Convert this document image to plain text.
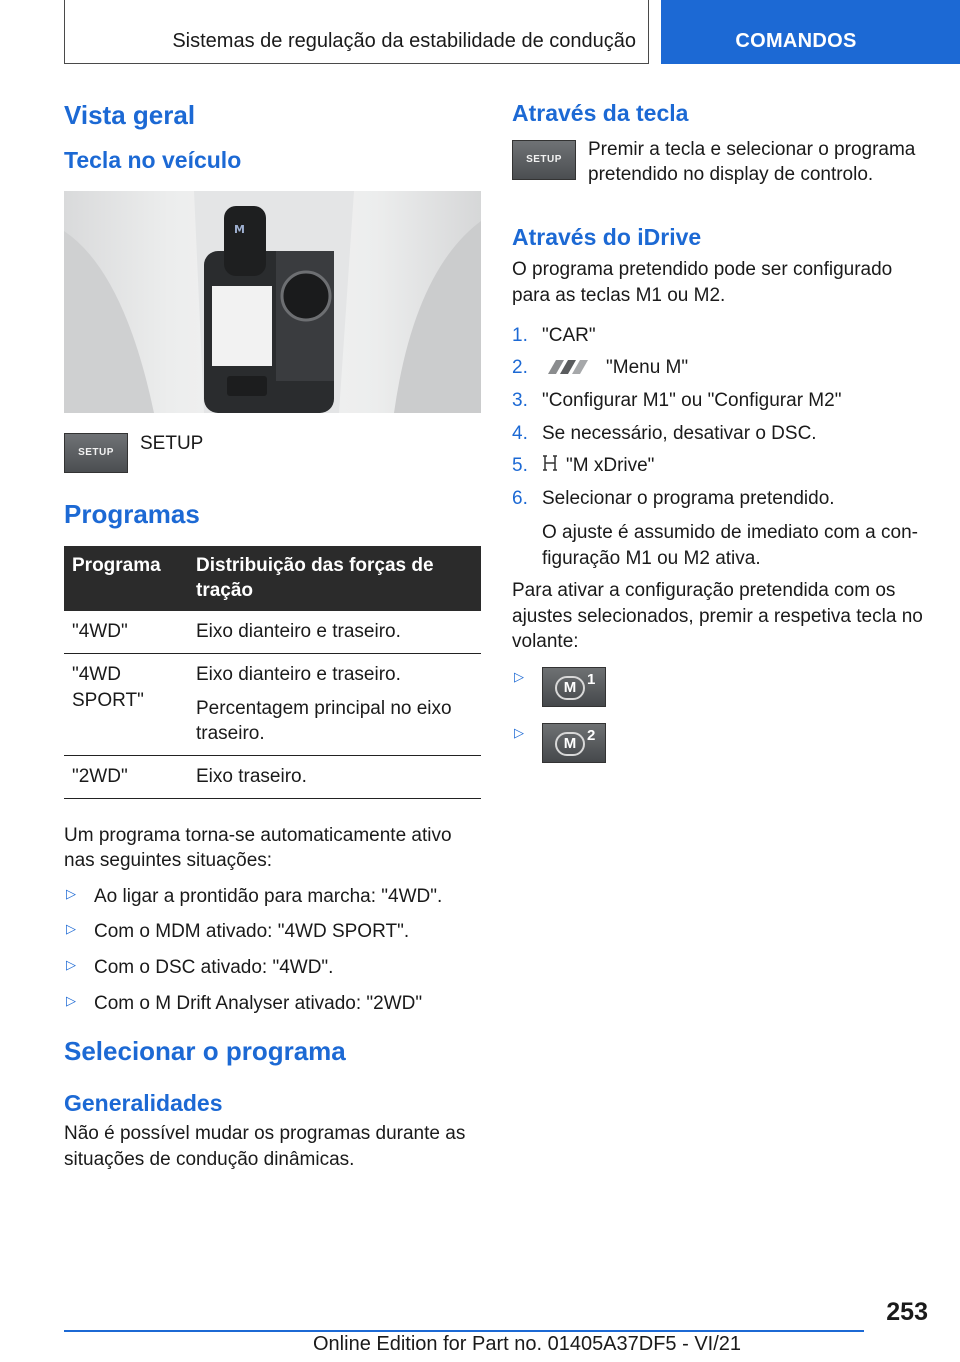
Sistemas de regulação da estabilidade de condução	COMANDOS
Vista geral
Tecla no veículo
M
SETUP SETUP
Programas
Programa	Distribuição das forças de tração
"4WD"	Eixo dianteiro e traseiro.
"4WD SPORT"	Eixo dianteiro e traseiro.
Percentagem principal no eixo traseiro.

"2WD"	Eixo traseiro.

Um programa torna-se automaticamente ativo nas seguintes situações:

▷ Ao ligar a prontidão para marcha: "4WD".
▷ Com o MDM ativado: "4WD SPORT".
▷ Com o DSC ativado: "4WD".
▷ Com o M Drift Analyser ativado: "2WD"
Selecionar o programa
Generalidades

Não é possível mudar os programas durante as situações de condução dinâmicas.

Através da tecla
SETUP Premir a tecla e selecionar o programa pretendido no display de controlo.

Através do iDrive

O programa pretendido pode ser configurado para as teclas M1 ou M2.

1. "CAR"
2.	"Menu M"
3. "Configurar M1" ou "Configurar M2"
4. Se necessário, desativar o DSC.
5. "M xDrive"
6. Selecionar o programa pretendido.
O ajuste é assumido de imediato com a con-figuração M1 ou M2 ativa.

Para ativar a configuração pretendida com os ajustes selecionados, premir a respetiva tecla no volante:

▷
M 1
▷
M 2
253
Online Edition for Part no. 01405A37DF5 - VI/21
